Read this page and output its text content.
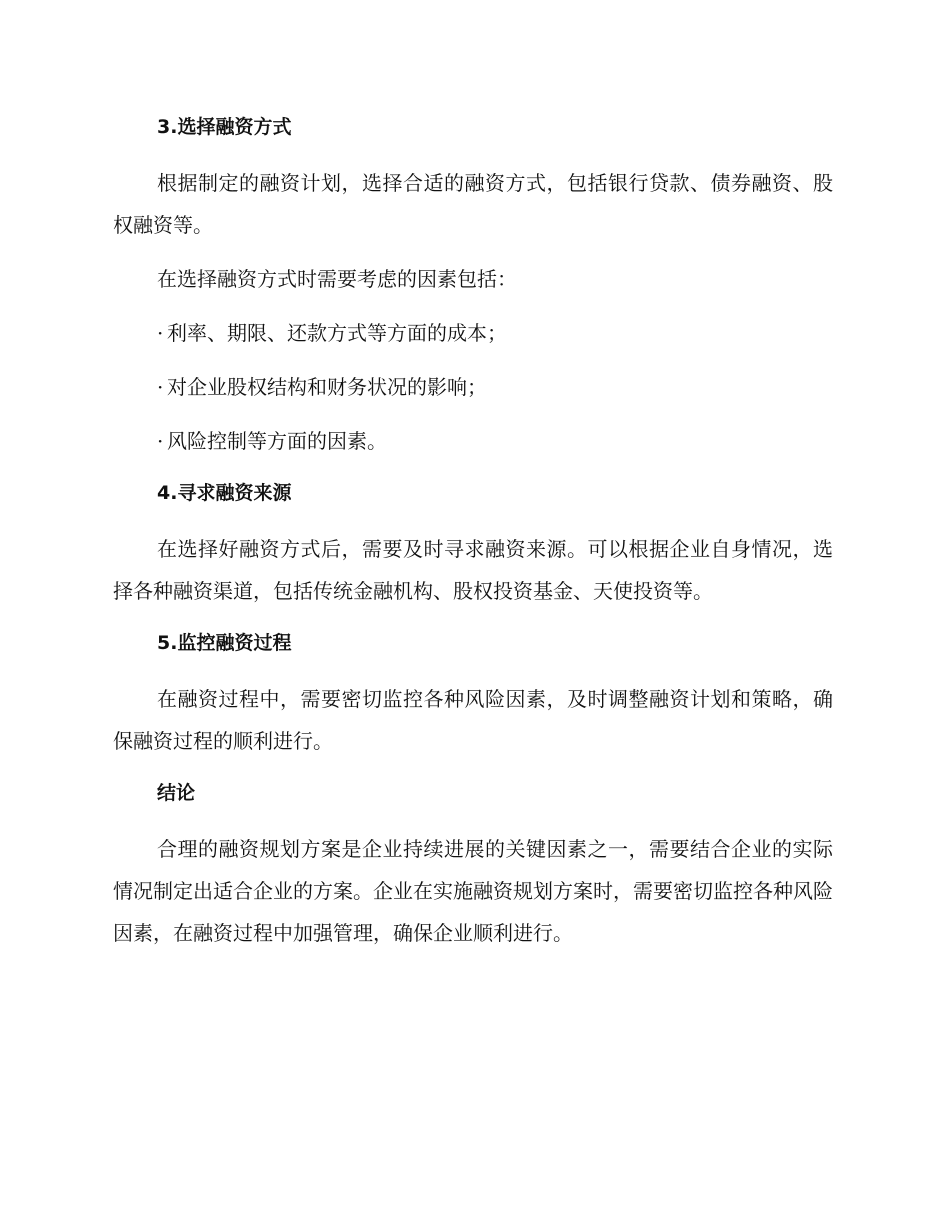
3.选择融资方式

根据制定的融资计划，选择合适的融资方式，包括银行贷款、债券融资、股权融资等。

在选择融资方式时需要考虑的因素包括：

· 利率、期限、还款方式等方面的成本；
· 对企业股权结构和财务状况的影响；
· 风险控制等方面的因素。
4.寻求融资来源

在选择好融资方式后，需要及时寻求融资来源。可以根据企业自身情况，选择各种融资渠道，包括传统金融机构、股权投资基金、天使投资等。

5.监控融资过程

在融资过程中，需要密切监控各种风险因素，及时调整融资计划和策略，确保融资过程的顺利进行。

结论

合理的融资规划方案是企业持续进展的关键因素之一，需要结合企业的实际情况制定出适合企业的方案。企业在实施融资规划方案时，需要密切监控各种风险因素，在融资过程中加强管理，确保企业顺利进行。
